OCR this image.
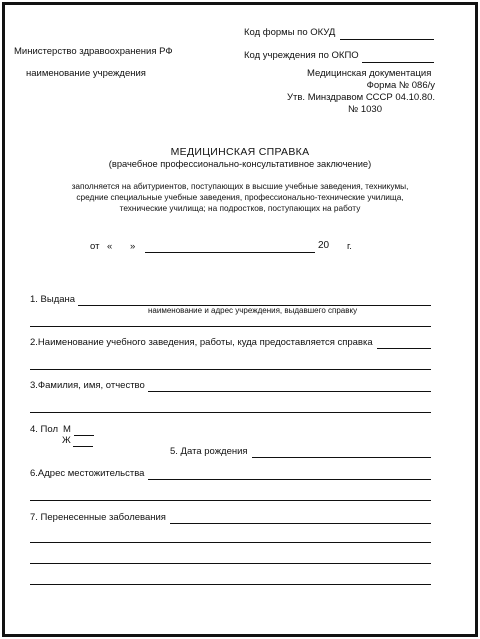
Код формы по ОКУД
Код учреждения по ОКПО
Министерство здравоохранения РФ
наименование учреждения	Медицинская документация
Форма № 086/у
Утв. Минздравом СССР 04.10.80.
№ 1030
МЕДИЦИНСКАЯ СПРАВКА
(врачебное профессионально-консультативное заключение)
заполняется на абитуриентов, поступающих в высшие учебные заведения, техникумы,
средние специальные учебные заведения, профессионально-технические училища,
технические училища; на подростков, поступающих на работу
от « »	20 г.
1. Выдана
наименование и адрес учреждения, выдавшего справку
2.Наименование учебного заведения, работы, куда предоставляется справка
3.Фамилия, имя, отчество
4. Пол М
Ж
5. Дата рождения
6.Адрес местожительства
7. Перенесенные заболевания
